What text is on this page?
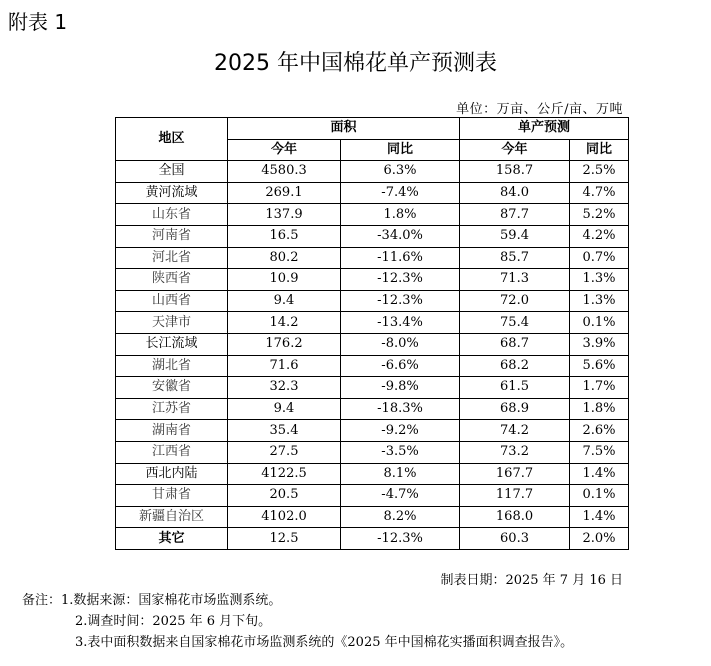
附表 1
2025 年中国棉花单产预测表
单位：万亩、公斤/亩、万吨
地区	面积		单产预测	
	今年	同比	今年	同比
全国	4580.3	6.3%	158.7	2.5%
黄河流域	269.1	-7.4%	84.0	4.7%
山东省	137.9	1.8%	87.7	5.2%
河南省	16.5	-34.0%	59.4	4.2%
河北省	80.2	-11.6%	85.7	0.7%
陕西省	10.9	-12.3%	71.3	1.3%
山西省	9.4	-12.3%	72.0	1.3%
天津市	14.2	-13.4%	75.4	0.1%
长江流域	176.2	-8.0%	68.7	3.9%
湖北省	71.6	-6.6%	68.2	5.6%
安徽省	32.3	-9.8%	61.5	1.7%
江苏省	9.4	-18.3%	68.9	1.8%
湖南省	35.4	-9.2%	74.2	2.6%
江西省	27.5	-3.5%	73.2	7.5%
西北内陆	4122.5	8.1%	167.7	1.4%
甘肃省	20.5	-4.7%	117.7	0.1%
新疆自治区	4102.0	8.2%	168.0	1.4%
其它	12.5	-12.3%	60.3	2.0%
制表日期：2025 年 7 月 16 日
备注：1.数据来源：国家棉花市场监测系统。
2.调查时间：2025 年 6 月下旬。
3.表中面积数据来自国家棉花市场监测系统的《2025 年中国棉花实播面积调查报告》。
